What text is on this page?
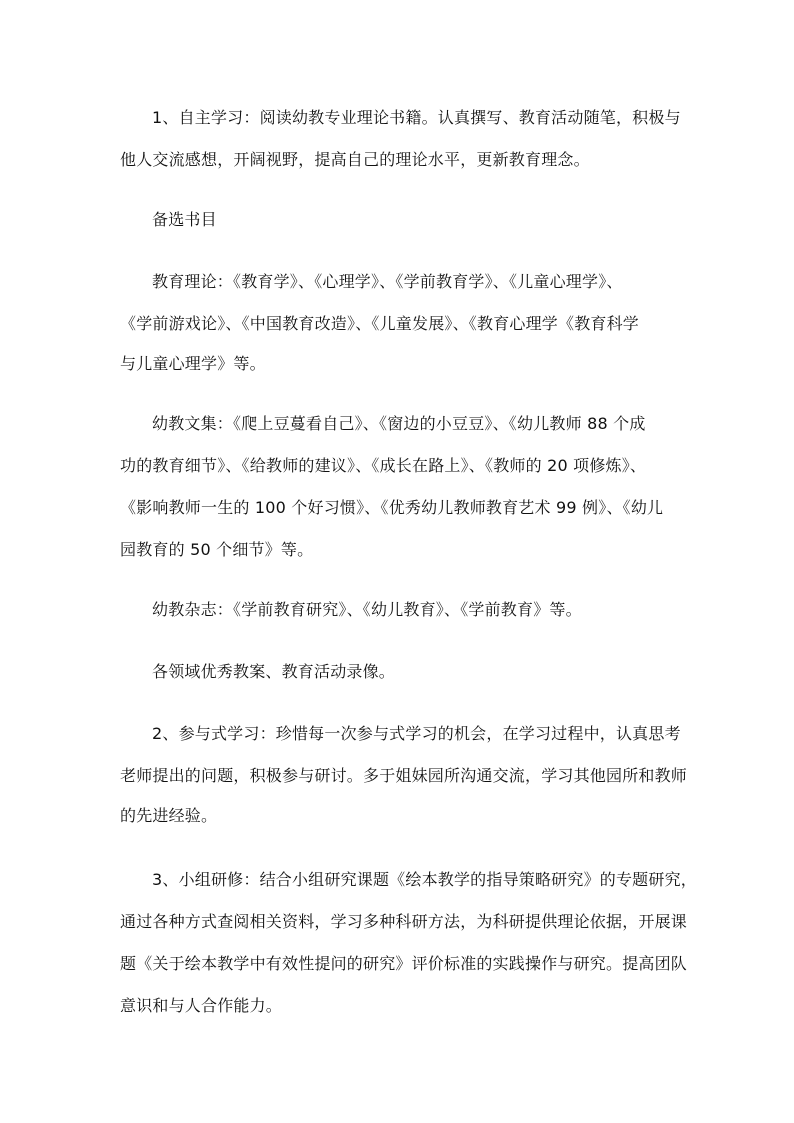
1、自主学习：阅读幼教专业理论书籍。认真撰写、教育活动随笔，积极与
他人交流感想，开阔视野，提高自己的理论水平，更新教育理念。
备选书目
教育理论：《教育学》、《心理学》、《学前教育学》、《儿童心理学》、
《学前游戏论》、《中国教育改造》、《儿童发展》、《教育心理学《教育科学
与儿童心理学》等。
幼教文集：《爬上豆蔓看自己》、《窗边的小豆豆》、《幼儿教师 88 个成
功的教育细节》、《给教师的建议》、《成长在路上》、《教师的 20 项修炼》、
《影响教师一生的 100 个好习惯》、《优秀幼儿教师教育艺术 99 例》、《幼儿
园教育的 50 个细节》等。
幼教杂志：《学前教育研究》、《幼儿教育》、《学前教育》等。
各领域优秀教案、教育活动录像。
2、参与式学习：珍惜每一次参与式学习的机会，在学习过程中，认真思考
老师提出的问题，积极参与研讨。多于姐妹园所沟通交流，学习其他园所和教师
的先进经验。
3、小组研修：结合小组研究课题《绘本教学的指导策略研究》的专题研究，
通过各种方式查阅相关资料，学习多种科研方法，为科研提供理论依据，开展课
题《关于绘本教学中有效性提问的研究》评价标准的实践操作与研究。提高团队
意识和与人合作能力。
